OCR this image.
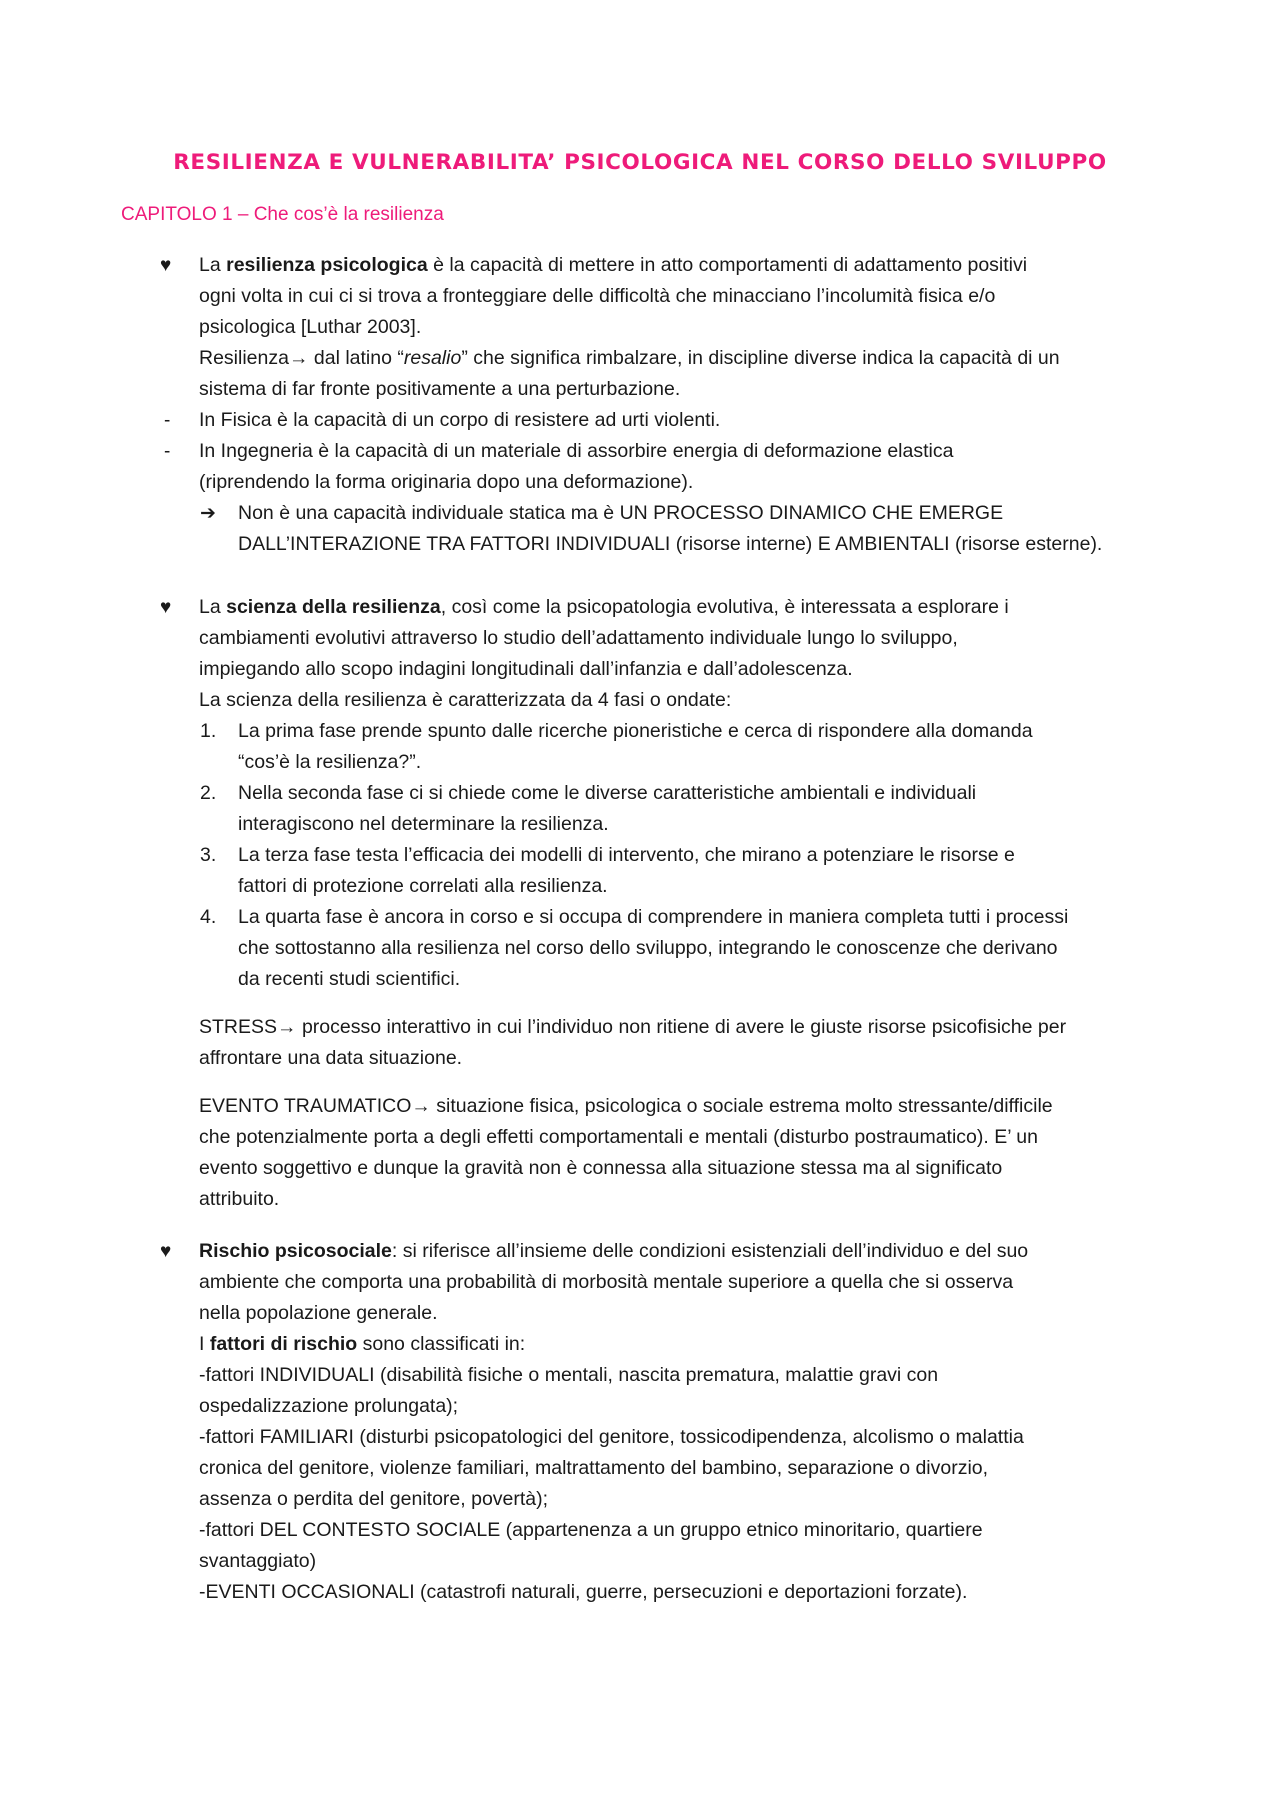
RESILIENZA E VULNERABILITA’ PSICOLOGICA NEL CORSO DELLO SVILUPPO
CAPITOLO 1 – Che cos’è la resilienza
♥ La resilienza psicologica è la capacità di mettere in atto comportamenti di adattamento positivi
ogni volta in cui ci si trova a fronteggiare delle difficoltà che minacciano l’incolumità fisica e/o
psicologica [Luthar 2003].
Resilienza→ dal latino “resalio” che significa rimbalzare, in discipline diverse indica la capacità di un
sistema di far fronte positivamente a una perturbazione.
- In Fisica è la capacità di un corpo di resistere ad urti violenti.
- In Ingegneria è la capacità di un materiale di assorbire energia di deformazione elastica
(riprendendo la forma originaria dopo una deformazione).
➔ Non è una capacità individuale statica ma è UN PROCESSO DINAMICO CHE EMERGE
DALL’INTERAZIONE TRA FATTORI INDIVIDUALI (risorse interne) E AMBIENTALI (risorse esterne).
♥ La scienza della resilienza, così come la psicopatologia evolutiva, è interessata a esplorare i
cambiamenti evolutivi attraverso lo studio dell’adattamento individuale lungo lo sviluppo,
impiegando allo scopo indagini longitudinali dall’infanzia e dall’adolescenza.
La scienza della resilienza è caratterizzata da 4 fasi o ondate:
1. La prima fase prende spunto dalle ricerche pioneristiche e cerca di rispondere alla domanda
“cos’è la resilienza?”.
2. Nella seconda fase ci si chiede come le diverse caratteristiche ambientali e individuali
interagiscono nel determinare la resilienza.
3. La terza fase testa l’efficacia dei modelli di intervento, che mirano a potenziare le risorse e
fattori di protezione correlati alla resilienza.
4. La quarta fase è ancora in corso e si occupa di comprendere in maniera completa tutti i processi
che sottostanno alla resilienza nel corso dello sviluppo, integrando le conoscenze che derivano
da recenti studi scientifici.
STRESS→ processo interattivo in cui l’individuo non ritiene di avere le giuste risorse psicofisiche per
affrontare una data situazione.
EVENTO TRAUMATICO→ situazione fisica, psicologica o sociale estrema molto stressante/difficile
che potenzialmente porta a degli effetti comportamentali e mentali (disturbo postraumatico). E’ un
evento soggettivo e dunque la gravità non è connessa alla situazione stessa ma al significato
attribuito.
♥ Rischio psicosociale: si riferisce all’insieme delle condizioni esistenziali dell’individuo e del suo
ambiente che comporta una probabilità di morbosità mentale superiore a quella che si osserva
nella popolazione generale.
I fattori di rischio sono classificati in:
-fattori INDIVIDUALI (disabilità fisiche o mentali, nascita prematura, malattie gravi con
ospedalizzazione prolungata);
-fattori FAMILIARI (disturbi psicopatologici del genitore, tossicodipendenza, alcolismo o malattia
cronica del genitore, violenze familiari, maltrattamento del bambino, separazione o divorzio,
assenza o perdita del genitore, povertà);
-fattori DEL CONTESTO SOCIALE (appartenenza a un gruppo etnico minoritario, quartiere
svantaggiato)
-EVENTI OCCASIONALI (catastrofi naturali, guerre, persecuzioni e deportazioni forzate).
